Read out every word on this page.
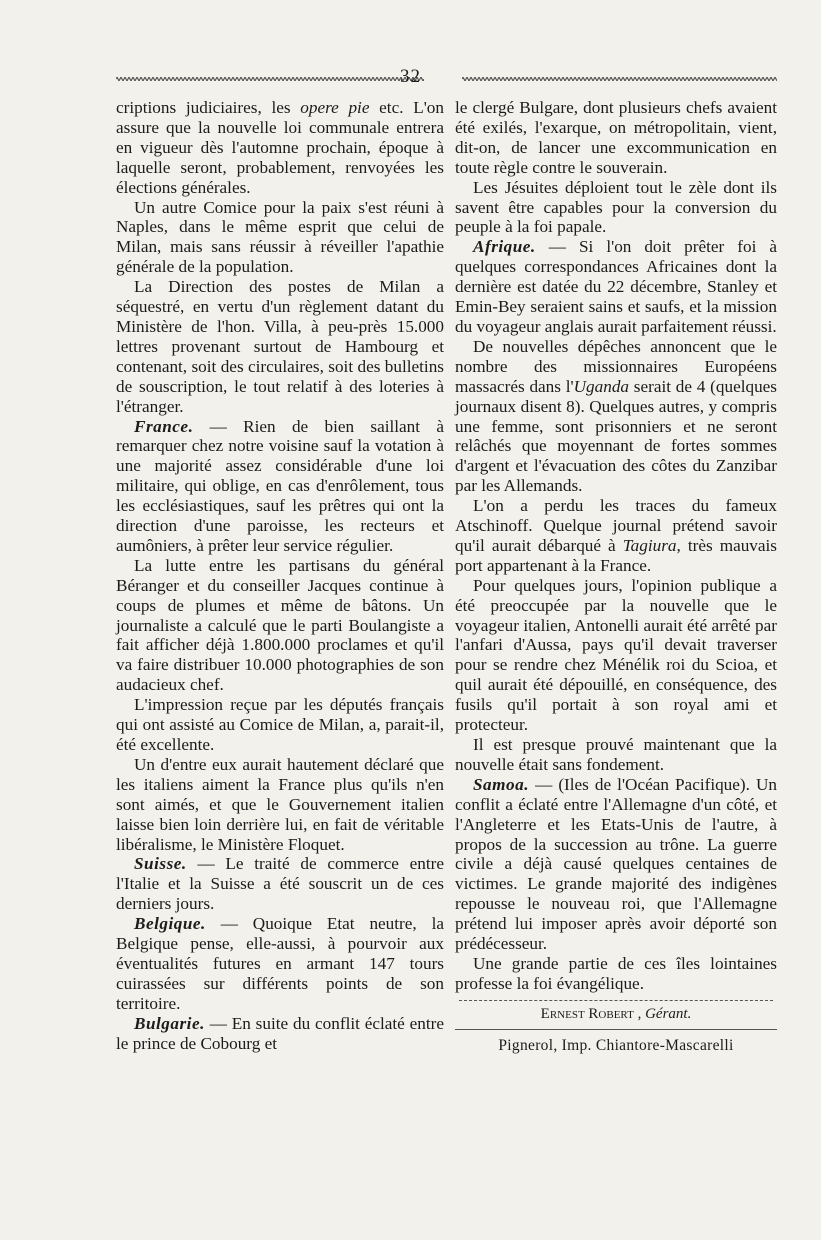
32

criptions judiciaires, les opere pie etc. L'on assure que la nouvelle loi communale entrera en vigueur dès l'automne prochain, époque à laquelle seront, probablement, renvoyées les élections générales.

Un autre Comice pour la paix s'est réuni à Naples, dans le même esprit que celui de Milan, mais sans réussir à réveiller l'apathie générale de la population.

La Direction des postes de Milan a séquestré, en vertu d'un règlement datant du Ministère de l'hon. Villa, à peu-près 15.000 lettres provenant surtout de Hambourg et contenant, soit des circulaires, soit des bulletins de souscription, le tout relatif à des loteries à l'étranger.

France. — Rien de bien saillant à remarquer chez notre voisine sauf la votation à une majorité assez considérable d'une loi militaire, qui oblige, en cas d'enrôlement, tous les ecclésiastiques, sauf les prêtres qui ont la direction d'une paroisse, les recteurs et aumôniers, à prêter leur service régulier.

La lutte entre les partisans du général Béranger et du conseiller Jacques continue à coups de plumes et même de bâtons. Un journaliste a calculé que le parti Boulangiste a fait afficher déjà 1.800.000 proclames et qu'il va faire distribuer 10.000 photographies de son audacieux chef.

L'impression reçue par les députés français qui ont assisté au Comice de Milan, a, parait-il, été excellente.

Un d'entre eux aurait hautement déclaré que les italiens aiment la France plus qu'ils n'en sont aimés, et que le Gouvernement italien laisse bien loin derrière lui, en fait de véritable libéralisme, le Ministère Floquet.

Suisse. — Le traité de commerce entre l'Italie et la Suisse a été souscrit un de ces derniers jours.

Belgique. — Quoique Etat neutre, la Belgique pense, elle-aussi, à pourvoir aux éventualités futures en armant 147 tours cuirassées sur différents points de son territoire.

Bulgarie. — En suite du conflit éclaté entre le prince de Cobourg et

le clergé Bulgare, dont plusieurs chefs avaient été exilés, l'exarque, on métropolitain, vient, dit-on, de lancer une excommunication en toute règle contre le souverain.

Les Jésuites déploient tout le zèle dont ils savent être capables pour la conversion du peuple à la foi papale.

Afrique. — Si l'on doit prêter foi à quelques correspondances Africaines dont la dernière est datée du 22 décembre, Stanley et Emin-Bey seraient sains et saufs, et la mission du voyageur anglais aurait parfaitement réussi.

De nouvelles dépêches annoncent que le nombre des missionnaires Européens massacrés dans l'Uganda serait de 4 (quelques journaux disent 8). Quelques autres, y compris une femme, sont prisonniers et ne seront relâchés que moyennant de fortes sommes d'argent et l'évacuation des côtes du Zanzibar par les Allemands.

L'on a perdu les traces du fameux Atschinoff. Quelque journal prétend savoir qu'il aurait débarqué à Tagiura, très mauvais port appartenant à la France.

Pour quelques jours, l'opinion publique a été preoccupée par la nouvelle que le voyageur italien, Antonelli aurait été arrêté par l'anfari d'Aussa, pays qu'il devait traverser pour se rendre chez Ménélik roi du Scioa, et quil aurait été dépouillé, en conséquence, des fusils qu'il portait à son royal ami et protecteur.

Il est presque prouvé maintenant que la nouvelle était sans fondement.

Samoa. — (Iles de l'Océan Pacifique). Un conflit a éclaté entre l'Allemagne d'un côté, et l'Angleterre et les Etats-Unis de l'autre, à propos de la succession au trône. La guerre civile a déjà causé quelques centaines de victimes. Le grande majorité des indigènes repousse le nouveau roi, que l'Allemagne prétend lui imposer après avoir déporté son prédécesseur.

Une grande partie de ces îles lointaines professe la foi évangélique.

Ernest Robert , Gérant.
Pignerol, Imp. Chiantore-Mascarelli
